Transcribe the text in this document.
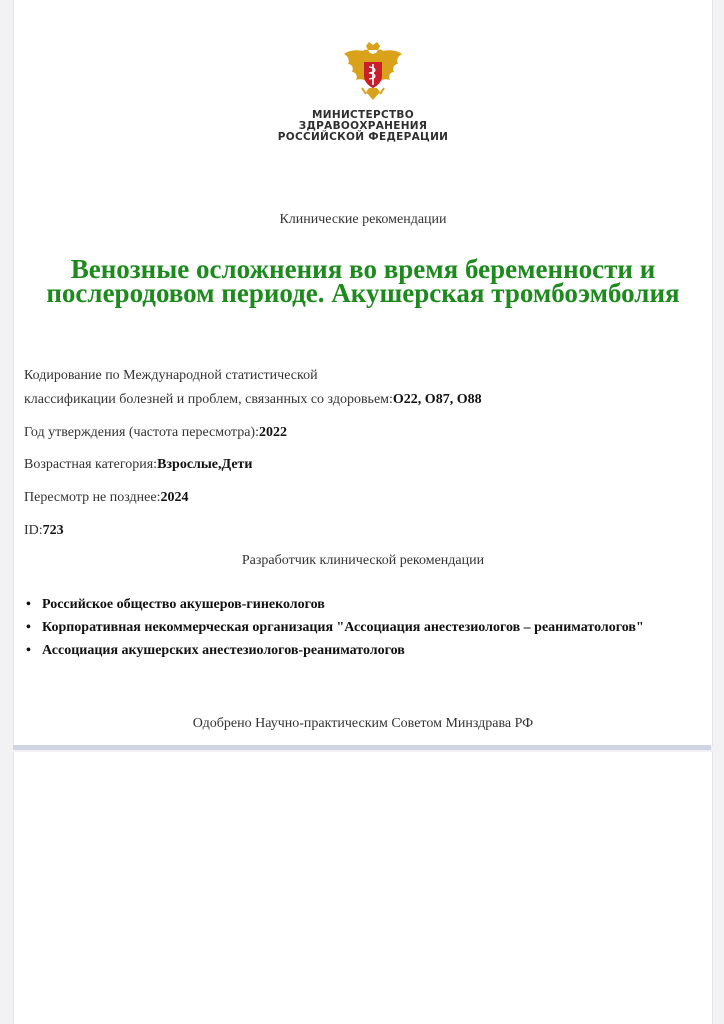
МИНИСТЕРСТВО
ЗДРАВООХРАНЕНИЯ
РОССИЙСКОЙ ФЕДЕРАЦИИ
Клинические рекомендации
Венозные осложнения во время беременности и послеродовом периоде. Акушерская тромбоэмболия
Кодирование по Международной статистической
классификации болезней и проблем, связанных со здоровьем:O22, O87, O88
Год утверждения (частота пересмотра):2022
Возрастная категория:Взрослые,Дети
Пересмотр не позднее:2024
ID:723
Разработчик клинической рекомендации
• Российское общество акушеров-гинекологов
• Корпоративная некоммерческая организация "Ассоциация анестезиологов – реаниматологов"
• Ассоциация акушерских анестезиологов-реаниматологов
Одобрено Научно-практическим Советом Минздрава РФ
